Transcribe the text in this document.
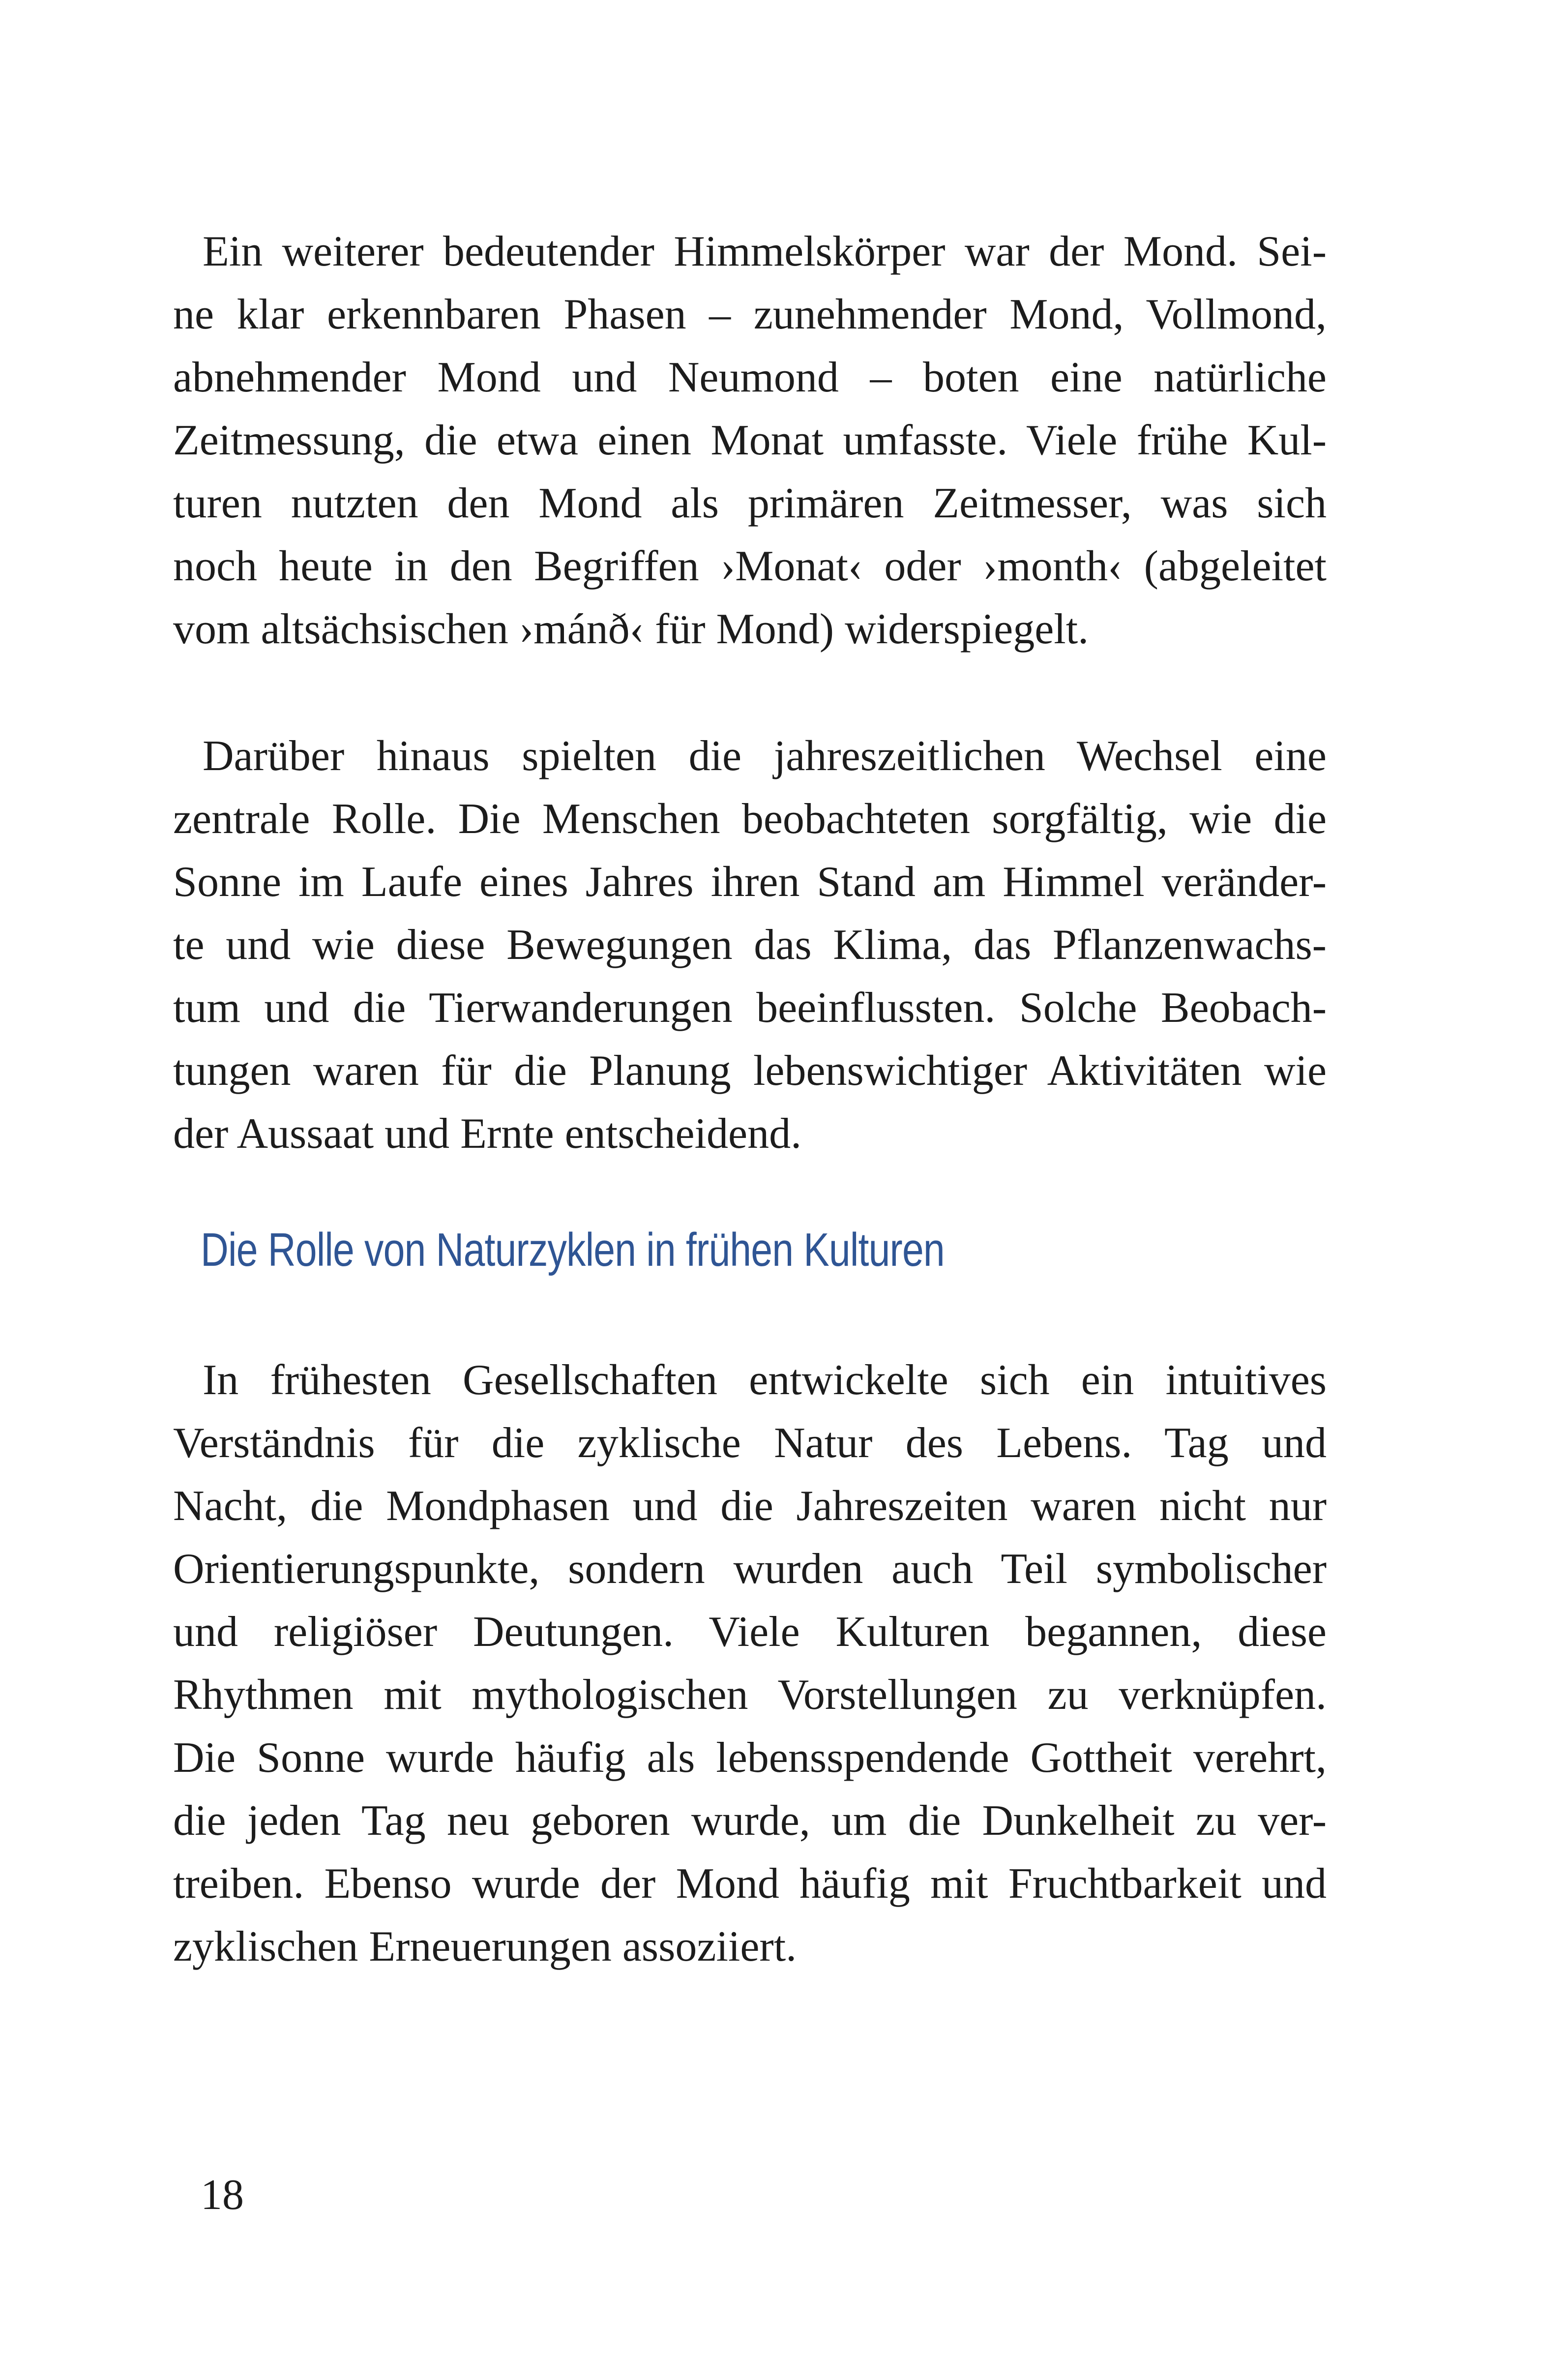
Ein weiterer bedeutender Himmelskörper war der Mond. Sei-
ne klar erkennbaren Phasen – zunehmender Mond, Vollmond,
abnehmender Mond und Neumond – boten eine natürliche
Zeitmessung, die etwa einen Monat umfasste. Viele frühe Kul-
turen nutzten den Mond als primären Zeitmesser, was sich
noch heute in den Begriffen ›Monat‹ oder ›month‹ (abgeleitet
vom altsächsischen ›mánð‹ für Mond) widerspiegelt.
Darüber hinaus spielten die jahreszeitlichen Wechsel eine
zentrale Rolle. Die Menschen beobachteten sorgfältig, wie die
Sonne im Laufe eines Jahres ihren Stand am Himmel veränder-
te und wie diese Bewegungen das Klima, das Pflanzenwachs-
tum und die Tierwanderungen beeinflussten. Solche Beobach-
tungen waren für die Planung lebenswichtiger Aktivitäten wie
der Aussaat und Ernte entscheidend.
Die Rolle von Naturzyklen in frühen Kulturen
In frühesten Gesellschaften entwickelte sich ein intuitives
Verständnis für die zyklische Natur des Lebens. Tag und
Nacht, die Mondphasen und die Jahreszeiten waren nicht nur
Orientierungspunkte, sondern wurden auch Teil symbolischer
und religiöser Deutungen. Viele Kulturen begannen, diese
Rhythmen mit mythologischen Vorstellungen zu verknüpfen.
Die Sonne wurde häufig als lebensspendende Gottheit verehrt,
die jeden Tag neu geboren wurde, um die Dunkelheit zu ver-
treiben. Ebenso wurde der Mond häufig mit Fruchtbarkeit und
zyklischen Erneuerungen assoziiert.
18
